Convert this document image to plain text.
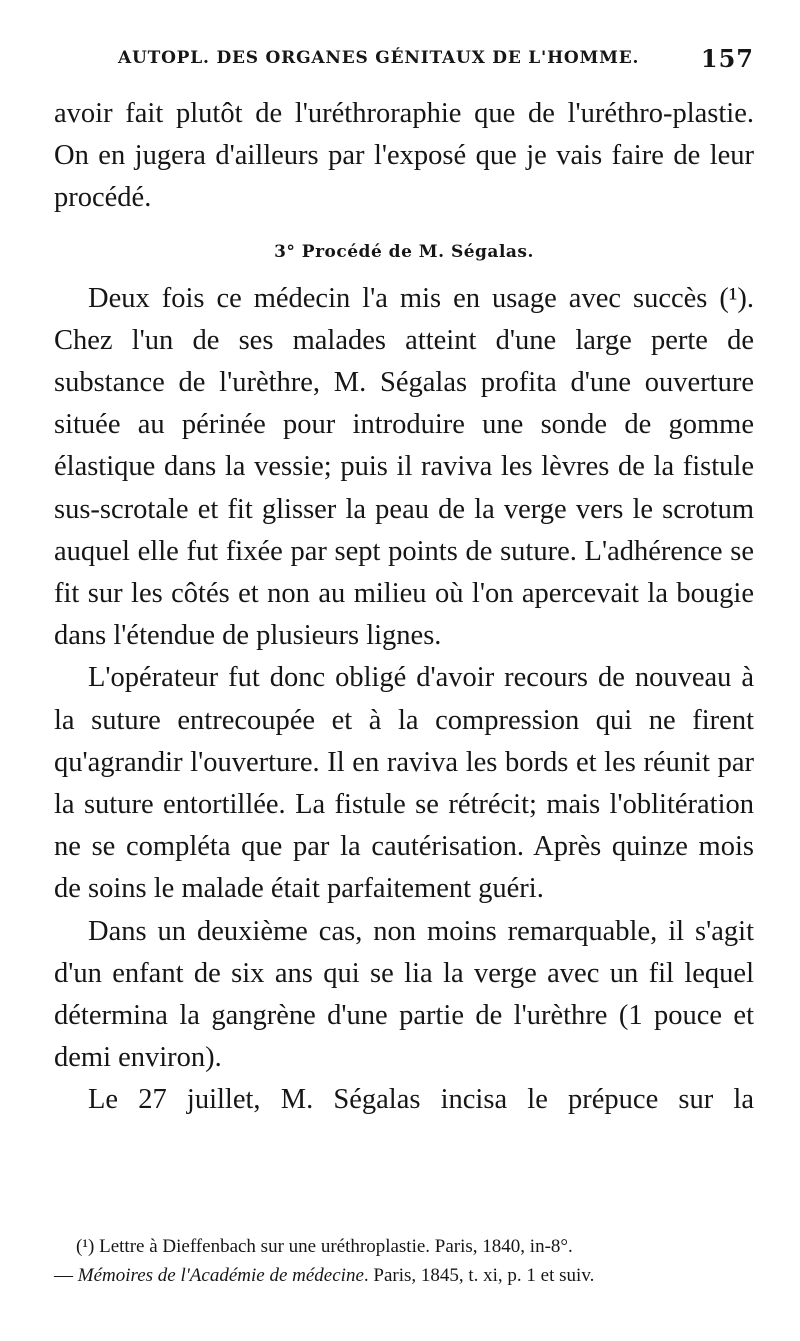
AUTOPL. DES ORGANES GÉNITAUX DE L'HOMME.	157

avoir fait plutôt de l'uréthroraphie que de l'uréthro-plastie. On en jugera d'ailleurs par l'exposé que je vais faire de leur procédé.

3° Procédé de M. Ségalas.

Deux fois ce médecin l'a mis en usage avec succès (¹). Chez l'un de ses malades atteint d'une large perte de substance de l'urèthre, M. Ségalas profita d'une ouverture située au périnée pour introduire une sonde de gomme élastique dans la vessie; puis il raviva les lèvres de la fistule sus-scrotale et fit glisser la peau de la verge vers le scrotum auquel elle fut fixée par sept points de suture. L'adhérence se fit sur les côtés et non au milieu où l'on apercevait la bougie dans l'étendue de plusieurs lignes.

L'opérateur fut donc obligé d'avoir recours de nouveau à la suture entrecoupée et à la compression qui ne firent qu'agrandir l'ouverture. Il en raviva les bords et les réunit par la suture entortillée. La fistule se rétrécit; mais l'oblitération ne se compléta que par la cautérisation. Après quinze mois de soins le malade était parfaitement guéri.

Dans un deuxième cas, non moins remarquable, il s'agit d'un enfant de six ans qui se lia la verge avec un fil lequel détermina la gangrène d'une partie de l'urèthre (1 pouce et demi environ).

Le 27 juillet, M. Ségalas incisa le prépuce sur la

(¹) Lettre à Dieffenbach sur une uréthroplastie. Paris, 1840, in-8°.

— Mémoires de l'Académie de médecine. Paris, 1845, t. xi, p. 1 et suiv.
